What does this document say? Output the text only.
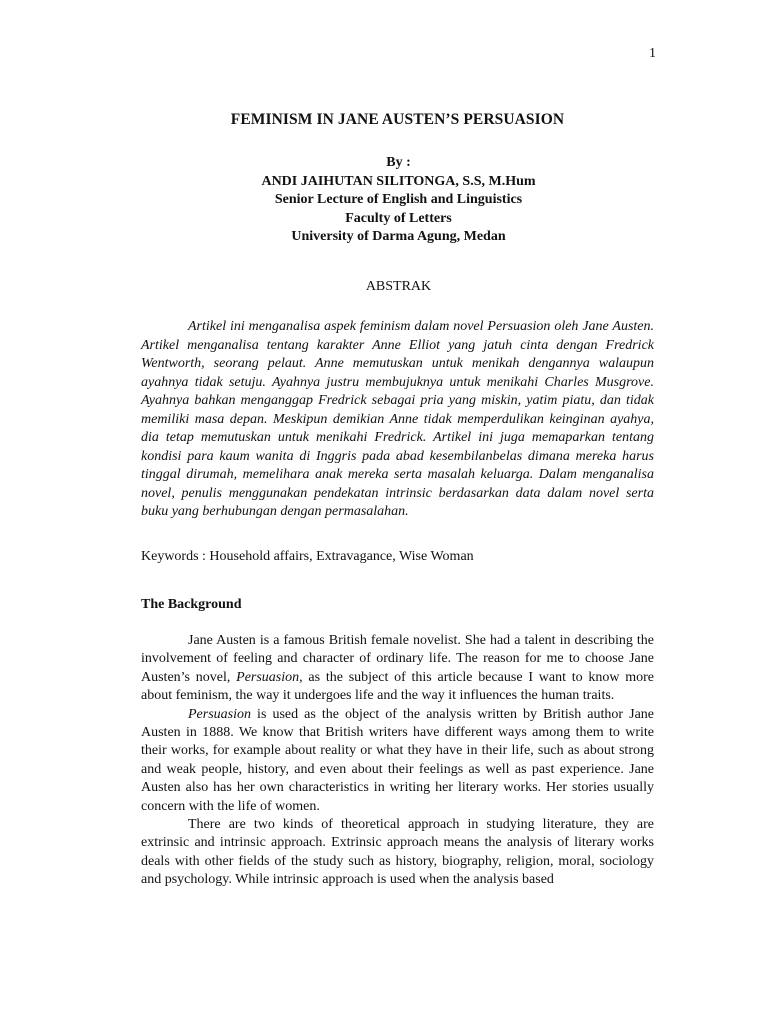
1
FEMINISM IN JANE AUSTEN’S PERSUASION
By :
ANDI JAIHUTAN SILITONGA, S.S, M.Hum
Senior Lecture of English and Linguistics
Faculty of Letters
University of Darma Agung, Medan
ABSTRAK

Artikel ini menganalisa aspek feminism dalam novel Persuasion oleh Jane Austen. Artikel menganalisa tentang karakter Anne Elliot yang jatuh cinta dengan Fredrick Wentworth, seorang pelaut. Anne memutuskan untuk menikah dengannya walaupun ayahnya tidak setuju. Ayahnya justru membujuknya untuk menikahi Charles Musgrove. Ayahnya bahkan menganggap Fredrick sebagai pria yang miskin, yatim piatu, dan tidak memiliki masa depan. Meskipun demikian Anne tidak memperdulikan keinginan ayahya, dia tetap memutuskan untuk menikahi Fredrick. Artikel ini juga memaparkan tentang kondisi para kaum wanita di Inggris pada abad kesembilanbelas dimana mereka harus tinggal dirumah, memelihara anak mereka serta masalah keluarga. Dalam menganalisa novel, penulis menggunakan pendekatan intrinsic berdasarkan data dalam novel serta buku yang berhubungan dengan permasalahan.

Keywords : Household affairs, Extravagance, Wise Woman
The Background

Jane Austen is a famous British female novelist. She had a talent in describing the involvement of feeling and character of ordinary life. The reason for me to choose Jane Austen’s novel, Persuasion, as the subject of this article because I want to know more about feminism, the way it undergoes life and the way it influences the human traits.

Persuasion is used as the object of the analysis written by British author Jane Austen in 1888. We know that British writers have different ways among them to write their works, for example about reality or what they have in their life, such as about strong and weak people, history, and even about their feelings as well as past experience. Jane Austen also has her own characteristics in writing her literary works. Her stories usually concern with the life of women.

There are two kinds of theoretical approach in studying literature, they are extrinsic and intrinsic approach. Extrinsic approach means the analysis of literary works deals with other fields of the study such as history, biography, religion, moral, sociology and psychology. While intrinsic approach is used when the analysis based
